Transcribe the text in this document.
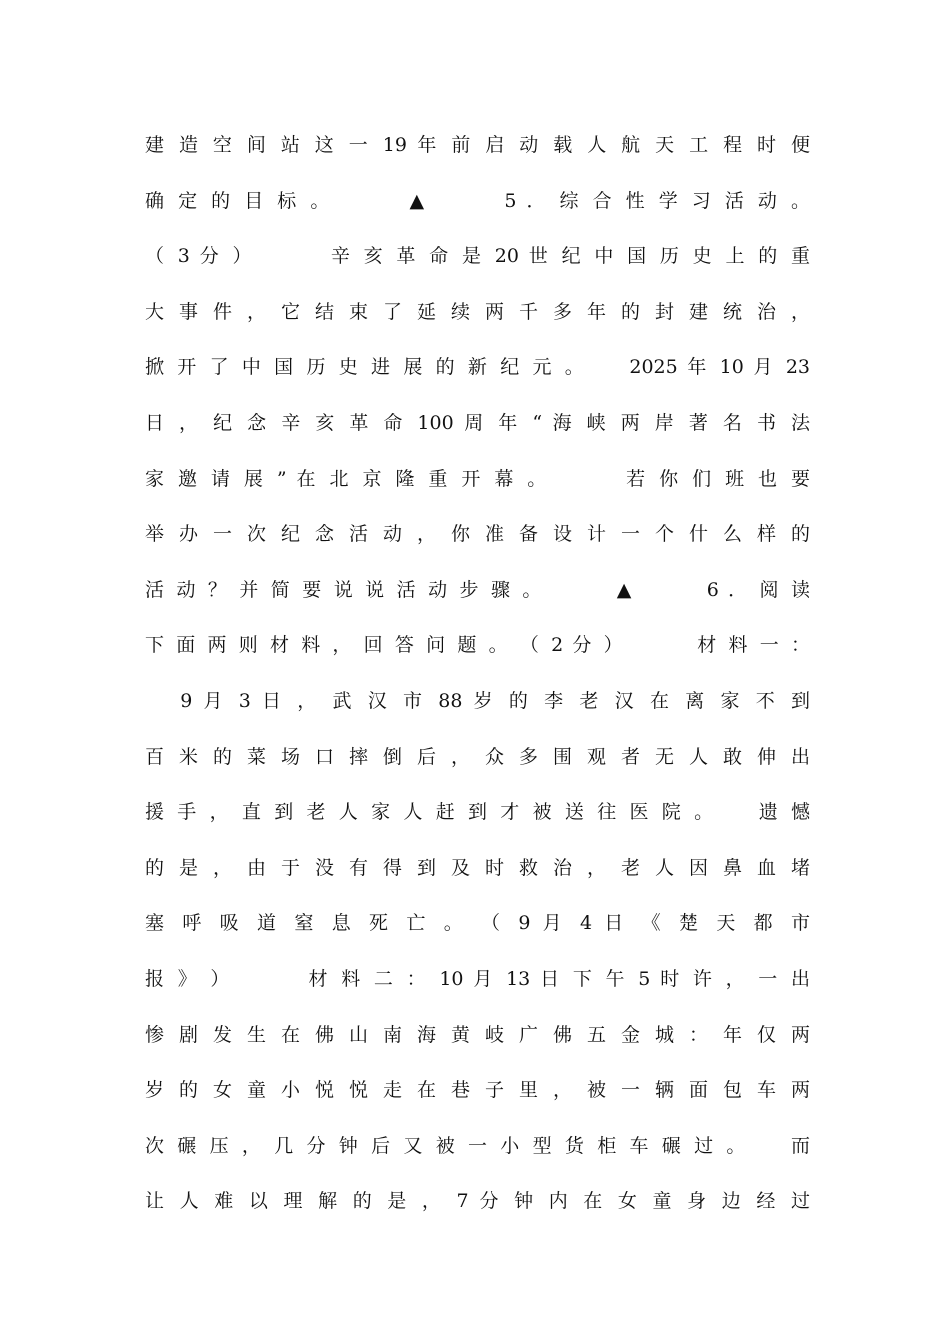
建 造 空 间 站 这 一 19 年 前 启 动 载 人 航 天 工 程 时 便
确 定 的 目 标 。 　 　 ▲ 　 　 5 ． 综 合 性 学 习 活 动 。
（ 3 分 ） 　 　 辛 亥 革 命 是 20 世 纪 中 国 历 史 上 的 重
大 事 件 ， 它 结 束 了 延 续 两 千 多 年 的 封 建 统 治 ，
掀 开 了 中 国 历 史 进 展 的 新 纪 元 。 　 2025 年 10 月 23
日 ， 纪 念 辛 亥 革 命 100 周 年 “ 海 峡 两 岸 著 名 书 法
家 邀 请 展 ” 在 北 京 隆 重 开 幕 。 　 　 若 你 们 班 也 要
举 办 一 次 纪 念 活 动 ， 你 准 备 设 计 一 个 什 么 样 的
活 动 ？ 并 简 要 说 说 活 动 步 骤 。 　 　 ▲ 　 　 6 ． 阅 读
下 面 两 则 材 料 ， 回 答 问 题 。 （ 2 分 ） 　 　 材 料 一 ：
　 9 月 3 日 ， 武 汉 市 88 岁 的 李 老 汉 在 离 家 不 到
百 米 的 菜 场 口 摔 倒 后 ， 众 多 围 观 者 无 人 敢 伸 出
援 手 ， 直 到 老 人 家 人 赶 到 才 被 送 往 医 院 。 　 遗 憾
的 是 ， 由 于 没 有 得 到 及 时 救 治 ， 老 人 因 鼻 血 堵
塞 呼 吸 道 窒 息 死 亡 。 （ 9 月 4 日 《 楚 天 都 市
报 》 ） 　 　 材 料 二 ： 10 月 13 日 下 午 5 时 许 ， 一 出
惨 剧 发 生 在 佛 山 南 海 黄 岐 广 佛 五 金 城 ： 年 仅 两
岁 的 女 童 小 悦 悦 走 在 巷 子 里 ， 被 一 辆 面 包 车 两
次 碾 压 ， 几 分 钟 后 又 被 一 小 型 货 柜 车 碾 过 。 　 而
让 人 难 以 理 解 的 是 ， 7 分 钟 内 在 女 童 身 边 经 过
